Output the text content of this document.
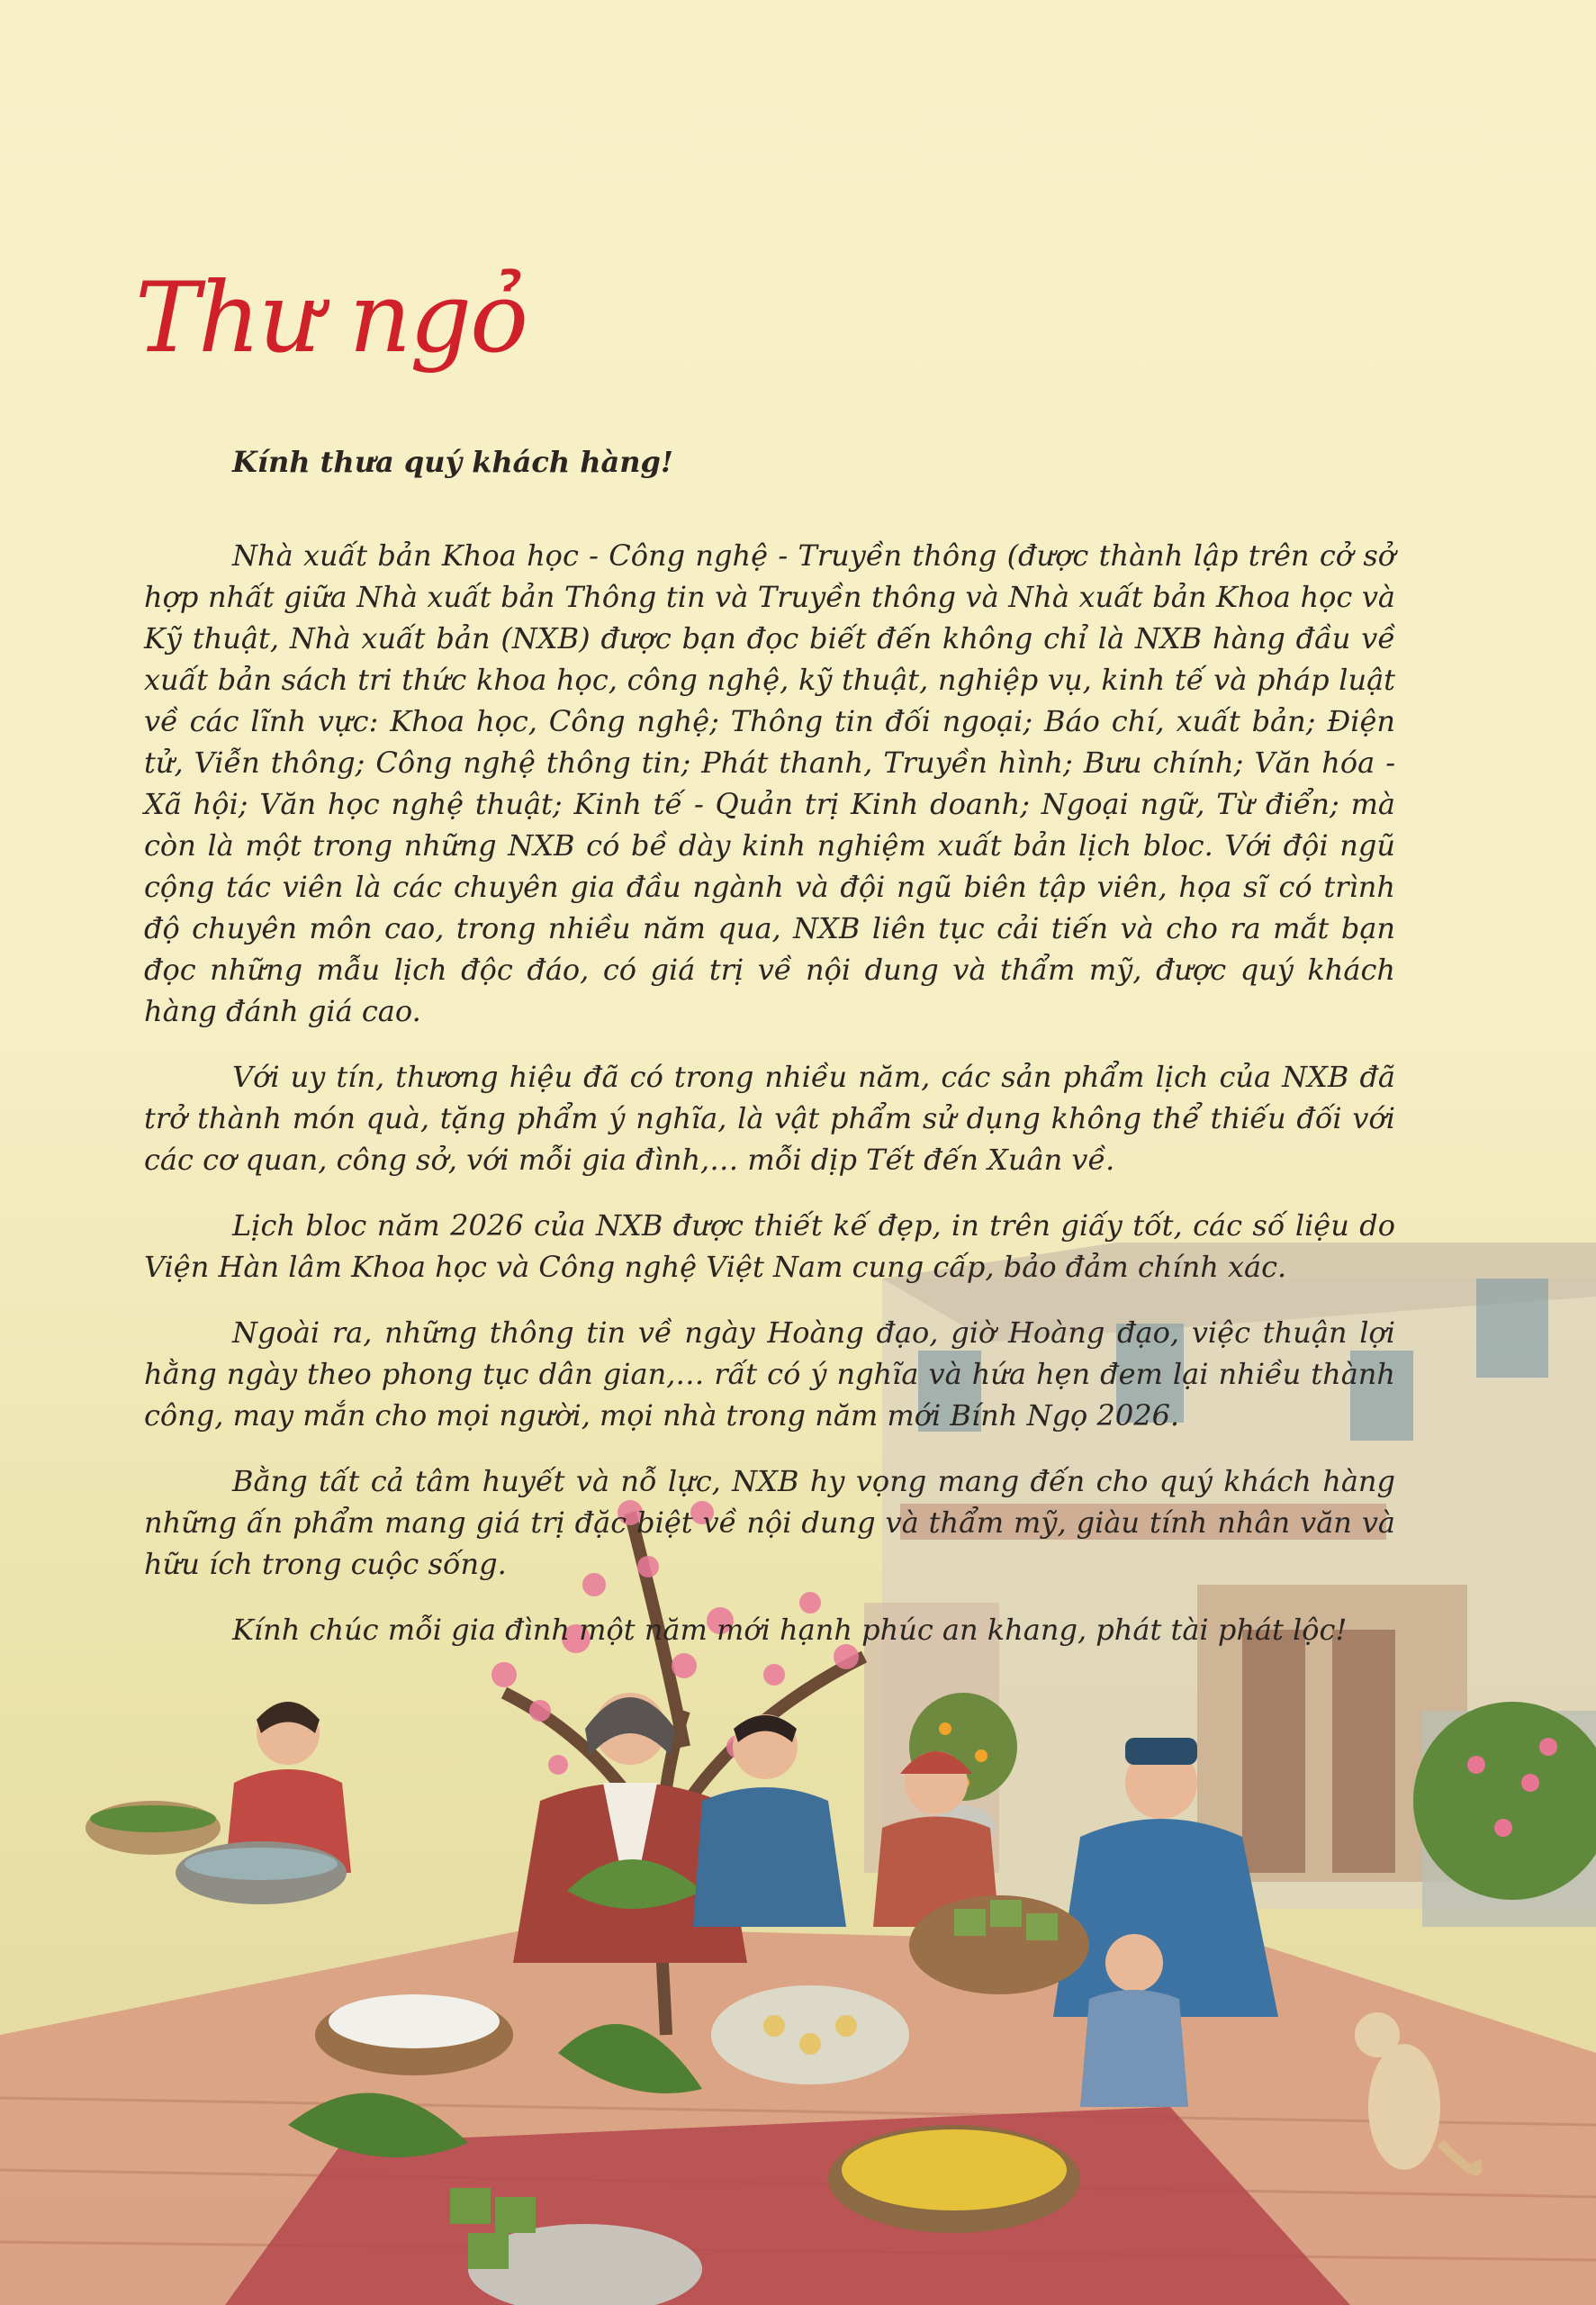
Thư ngỏ

Kính thưa quý khách hàng!

Nhà xuất bản Khoa học - Công nghệ - Truyền thông (được thành lập trên cở sở hợp nhất giữa Nhà xuất bản Thông tin và Truyền thông và Nhà xuất bản Khoa học và Kỹ thuật, Nhà xuất bản (NXB) được bạn đọc biết đến không chỉ là NXB hàng đầu về xuất bản sách tri thức khoa học, công nghệ, kỹ thuật, nghiệp vụ, kinh tế và pháp luật về các lĩnh vực: Khoa học, Công nghệ; Thông tin đối ngoại; Báo chí, xuất bản; Điện tử, Viễn thông; Công nghệ thông tin; Phát thanh, Truyền hình; Bưu chính; Văn hóa - Xã hội; Văn học nghệ thuật; Kinh tế - Quản trị Kinh doanh; Ngoại ngữ, Từ điển; mà còn là một trong những NXB có bề dày kinh nghiệm xuất bản lịch bloc. Với đội ngũ cộng tác viên là các chuyên gia đầu ngành và đội ngũ biên tập viên, họa sĩ có trình độ chuyên môn cao, trong nhiều năm qua, NXB liên tục cải tiến và cho ra mắt bạn đọc những mẫu lịch độc đáo, có giá trị về nội dung và thẩm mỹ, được quý khách hàng đánh giá cao.

Với uy tín, thương hiệu đã có trong nhiều năm, các sản phẩm lịch của NXB đã trở thành món quà, tặng phẩm ý nghĩa, là vật phẩm sử dụng không thể thiếu đối với các cơ quan, công sở, với mỗi gia đình,… mỗi dịp Tết đến Xuân về.

Lịch bloc năm 2026 của NXB được thiết kế đẹp, in trên giấy tốt, các số liệu do Viện Hàn lâm Khoa học và Công nghệ Việt Nam cung cấp, bảo đảm chính xác.

Ngoài ra, những thông tin về ngày Hoàng đạo, giờ Hoàng đạo, việc thuận lợi hằng ngày theo phong tục dân gian,… rất có ý nghĩa và hứa hẹn đem lại nhiều thành công, may mắn cho mọi người, mọi nhà trong năm mới Bính Ngọ 2026.

Bằng tất cả tâm huyết và nỗ lực, NXB hy vọng mang đến cho quý khách hàng những ấn phẩm mang giá trị đặc biệt về nội dung và thẩm mỹ, giàu tính nhân văn và hữu ích trong cuộc sống.

Kính chúc mỗi gia đình một năm mới hạnh phúc an khang, phát tài phát lộc!
